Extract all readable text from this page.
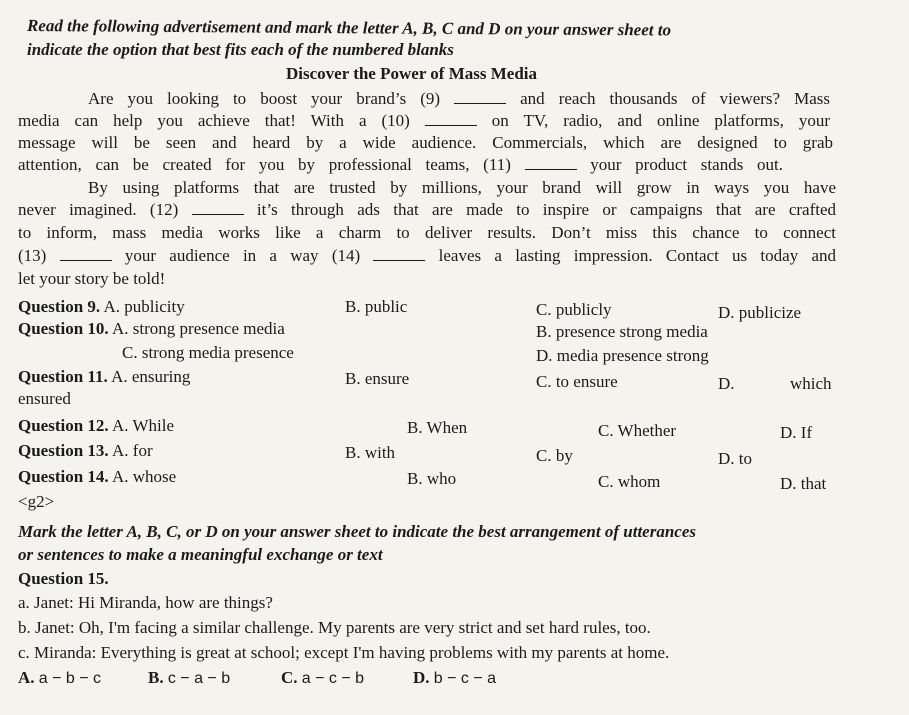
Read the following advertisement and mark the letter A, B, C and D on your answer sheet to
indicate the option that best fits each of the numbered blanks
Discover the Power of Mass Media
Are you looking to boost your brand’s (9)	and reach thousands of viewers? Mass
media can help you achieve that! With a (10)	on TV, radio, and online platforms, your
message will be seen and heard by a wide audience. Commercials, which are designed to grab
attention, can be created for you by professional teams, (11)	your product stands out.
By using platforms that are trusted by millions, your brand will grow in ways you have
never imagined. (12)	it’s through ads that are made to inspire or campaigns that are crafted
to inform, mass media works like a charm to deliver results. Don’t miss this chance to connect
(13)	your audience in a way (14)	leaves a lasting impression. Contact us today and
let your story be told!
Question 9. A. publicity	B. public	C. publicly	D. publicize
Question 10. A. strong presence media	B. presence strong media
C. strong media presence	D. media presence strong
Question 11. A. ensuring	B. ensure	C. to ensure	D.	which
ensured
Question 12. A. While	B. When	C. Whether	D. If
Question 13. A. for	B. with	C. by	D. to
Question 14. A. whose	B. who	C. whom	D. that
<g2>
Mark the letter A, B, C, or D on your answer sheet to indicate the best arrangement of utterances
or sentences to make a meaningful exchange or text
Question 15.
a. Janet: Hi Miranda, how are things?
b. Janet: Oh, I'm facing a similar challenge. My parents are very strict and set hard rules, too.
c. Miranda: Everything is great at school; except I'm having problems with my parents at home.
A. a − b − c	B. c − a − b	C. a − c − b	D. b − c − a
